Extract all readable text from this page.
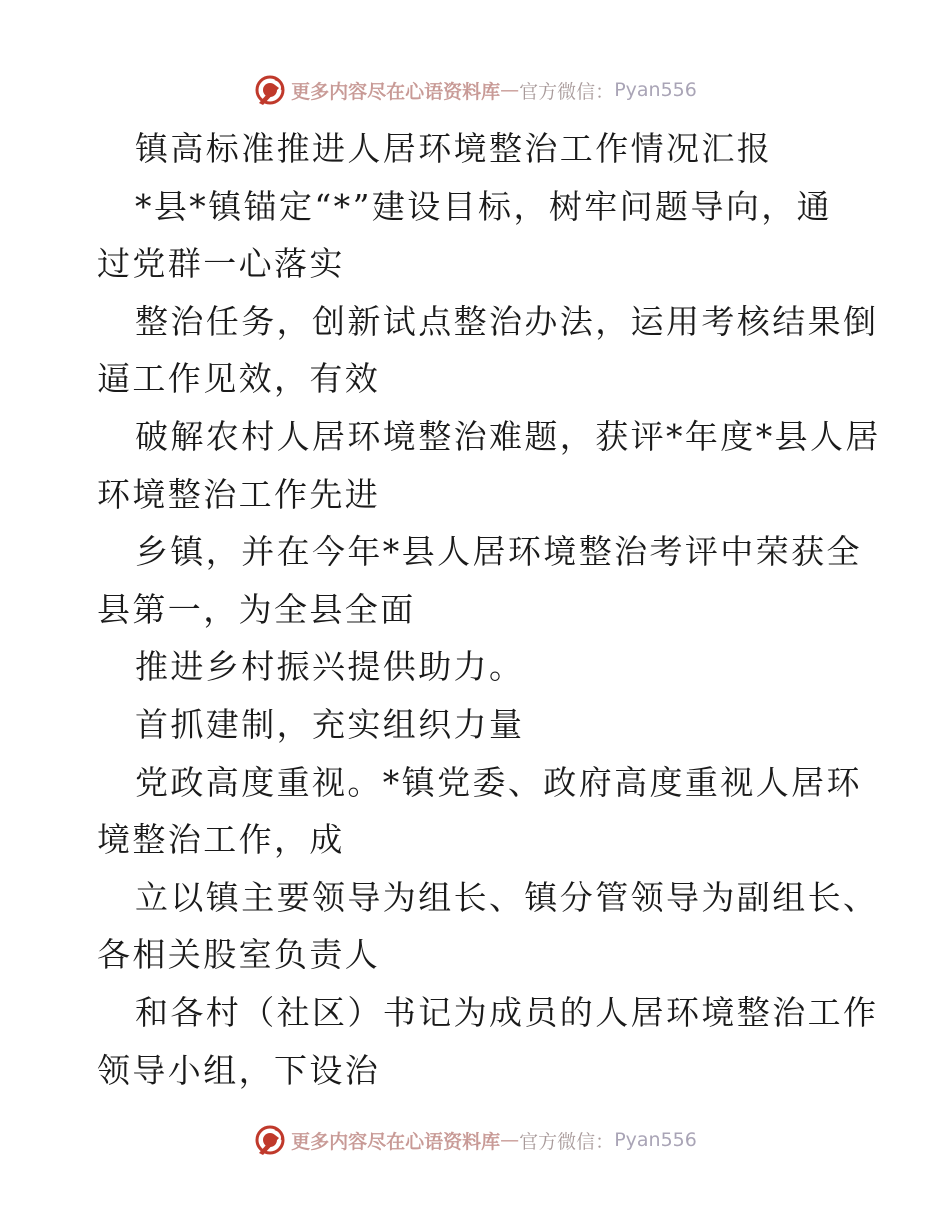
更多内容尽在心语资料库 — 官方微信： Pyan556
镇高标准推进人居环境整治工作情况汇报
*县*镇锚定“*”建设目标，树牢问题导向，通
过党群一心落实
整治任务，创新试点整治办法，运用考核结果倒
逼工作见效，有效
破解农村人居环境整治难题，获评*年度*县人居
环境整治工作先进
乡镇，并在今年*县人居环境整治考评中荣获全
县第一，为全县全面
推进乡村振兴提供助力。
首抓建制，充实组织力量
党政高度重视。*镇党委、政府高度重视人居环
境整治工作，成
立以镇主要领导为组长、镇分管领导为副组长、
各相关股室负责人
和各村（社区）书记为成员的人居环境整治工作
领导小组，下设治
更多内容尽在心语资料库 — 官方微信： Pyan556
